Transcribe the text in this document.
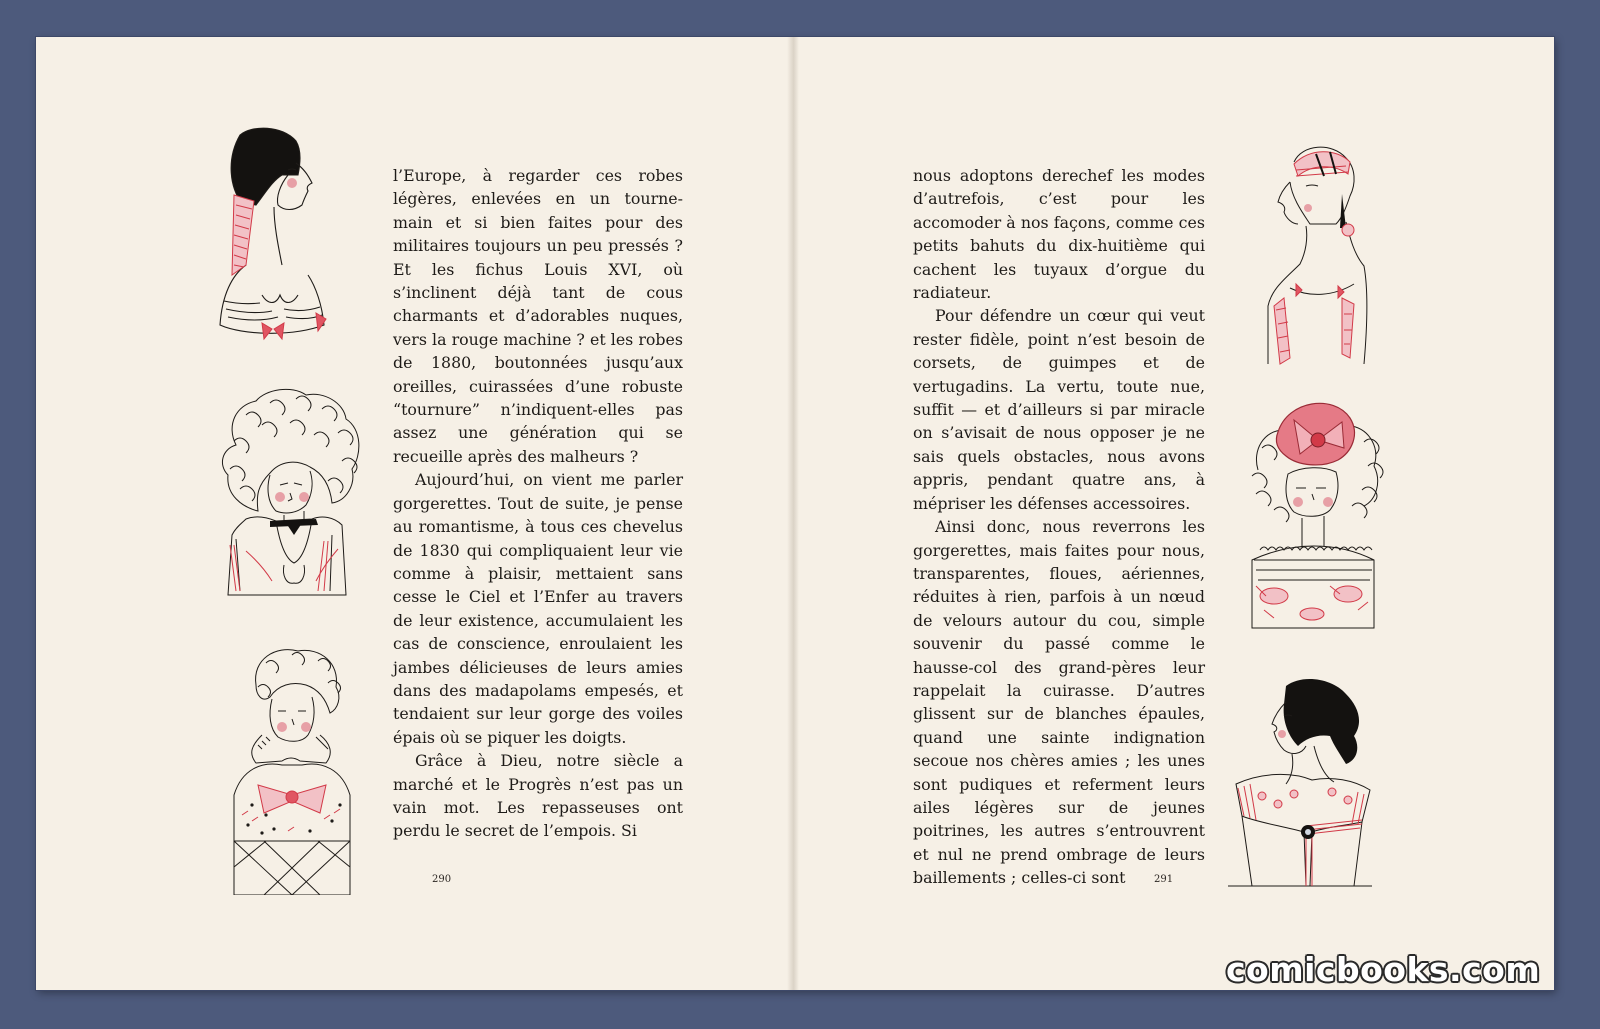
l’Europe, à regarder ces robes légères, enlevées en un tourne-main et si bien faites pour des militaires toujours un peu pressés ? Et les fichus Louis XVI, où s’inclinent déjà tant de cous charmants et d’adorables nuques, vers la rouge machine ? et les robes de 1880, boutonnées jusqu’aux oreilles, cuirassées d’une robuste “tournure” n’indiquent-elles pas assez une génération qui se recueille après des malheurs ?

Aujourd’hui, on vient me parler gorgerettes. Tout de suite, je pense au romantisme, à tous ces chevelus de 1830 qui compliquaient leur vie comme à plaisir, mettaient sans cesse le Ciel et l’Enfer au travers de leur existence, accumulaient les cas de conscience, enroulaient les jambes délicieuses de leurs amies dans des madapolams empesés, et tendaient sur leur gorge des voiles épais où se piquer les doigts.

Grâce à Dieu, notre siècle a marché et le Progrès n’est pas un vain mot. Les repasseuses ont perdu le secret de l’empois. Si

nous adoptons derechef les modes d’autrefois, c’est pour les accomoder à nos façons, comme ces petits bahuts du dix-huitième qui cachent les tuyaux d’orgue du radiateur.

Pour défendre un cœur qui veut rester fidèle, point n’est besoin de corsets, de guimpes et de vertugadins. La vertu, toute nue, suffit — et d’ailleurs si par miracle on s’avisait de nous opposer je ne sais quels obstacles, nous avons appris, pendant quatre ans, à mépriser les défenses accessoires.

Ainsi donc, nous reverrons les gorgerettes, mais faites pour nous, transparentes, floues, aériennes, réduites à rien, parfois à un nœud de velours autour du cou, simple souvenir du passé comme le hausse-col des grand-pères leur rappelait la cuirasse. D’autres glissent sur de blanches épaules, quand une sainte indignation secoue nos chères amies ; les unes sont pudiques et referment leurs ailes légères sur de jeunes poitrines, les autres s’entrouvrent et nul ne prend ombrage de leurs baillements ; celles-ci sont

290	291
comicbooks.com
